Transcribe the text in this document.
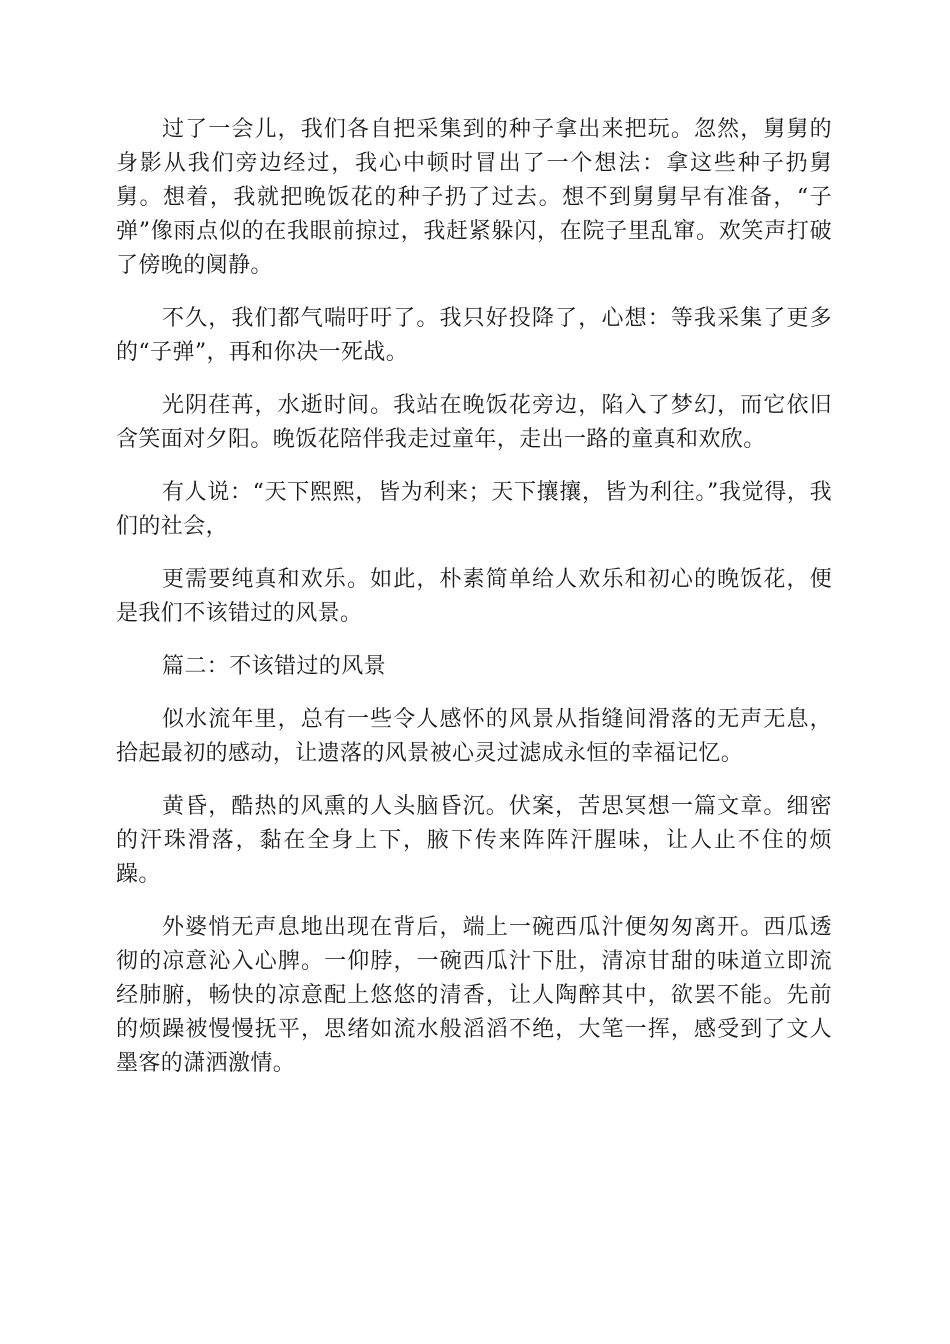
过了一会儿，我们各自把采集到的种子拿出来把玩。忽然，舅舅的身影从我们旁边经过，我心中顿时冒出了一个想法：拿这些种子扔舅舅。想着，我就把晚饭花的种子扔了过去。想不到舅舅早有准备，“子弹”像雨点似的在我眼前掠过，我赶紧躲闪，在院子里乱窜。欢笑声打破了傍晚的阒静。

不久，我们都气喘吁吁了。我只好投降了，心想：等我采集了更多的“子弹”，再和你决一死战。

光阴荏苒，水逝时间。我站在晚饭花旁边，陷入了梦幻，而它依旧含笑面对夕阳。晚饭花陪伴我走过童年，走出一路的童真和欢欣。

有人说：“天下熙熙，皆为利来；天下攘攘，皆为利往。”我觉得，我们的社会，

更需要纯真和欢乐。如此，朴素简单给人欢乐和初心的晚饭花，便是我们不该错过的风景。

篇二：不该错过的风景

似水流年里，总有一些令人感怀的风景从指缝间滑落的无声无息，拾起最初的感动，让遗落的风景被心灵过滤成永恒的幸福记忆。

黄昏，酷热的风熏的人头脑昏沉。伏案，苦思冥想一篇文章。细密的汗珠滑落，黏在全身上下，腋下传来阵阵汗腥味，让人止不住的烦躁。

外婆悄无声息地出现在背后，端上一碗西瓜汁便匆匆离开。西瓜透彻的凉意沁入心脾。一仰脖，一碗西瓜汁下肚，清凉甘甜的味道立即流经肺腑，畅快的凉意配上悠悠的清香，让人陶醉其中，欲罢不能。先前的烦躁被慢慢抚平，思绪如流水般滔滔不绝，大笔一挥，感受到了文人墨客的潇洒激情。
